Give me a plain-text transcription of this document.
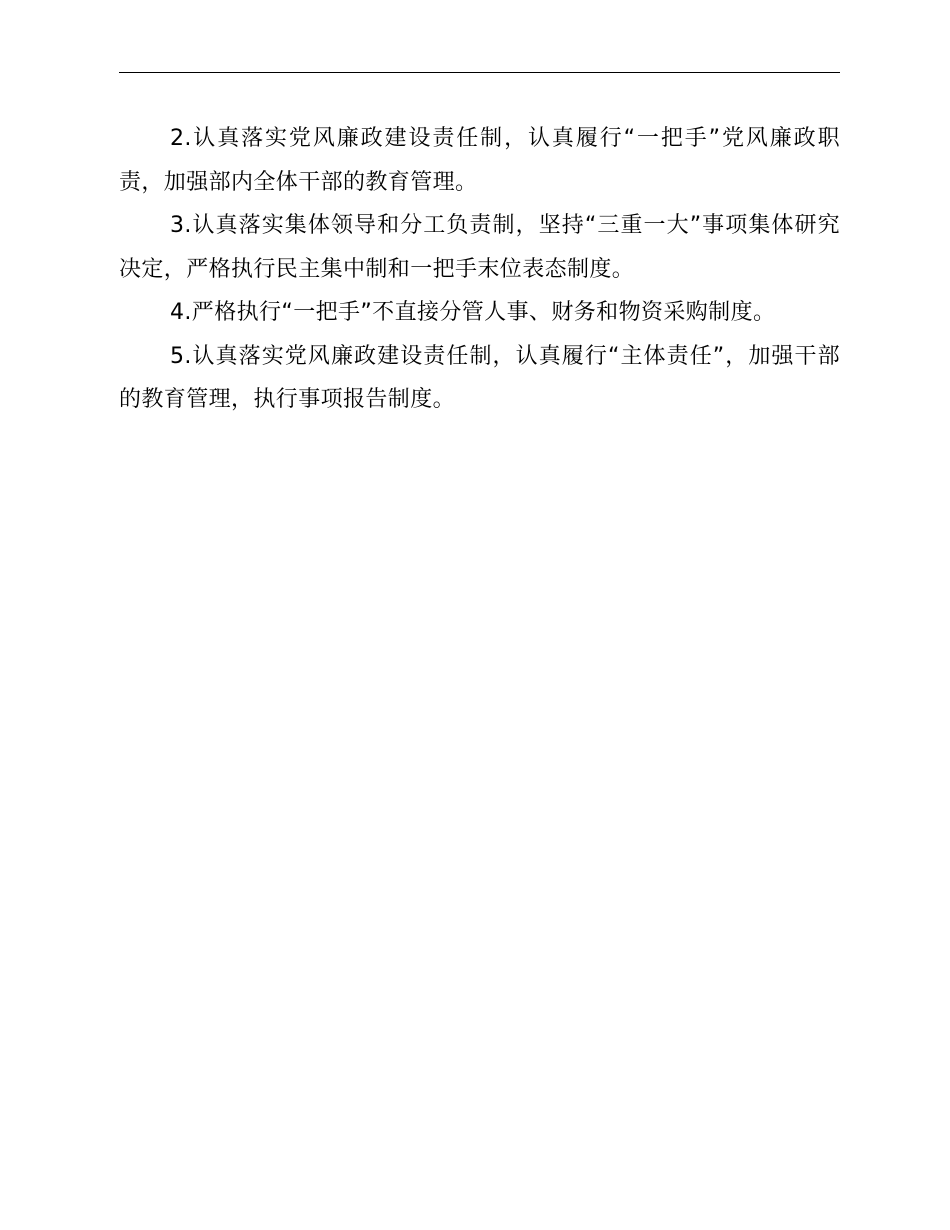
2.认真落实党风廉政建设责任制，认真履行“一把手”党风廉政职责，加强部内全体干部的教育管理。

3.认真落实集体领导和分工负责制，坚持“三重一大”事项集体研究决定，严格执行民主集中制和一把手末位表态制度。

4.严格执行“一把手”不直接分管人事、财务和物资采购制度。

5.认真落实党风廉政建设责任制，认真履行“主体责任”，加强干部的教育管理，执行事项报告制度。
